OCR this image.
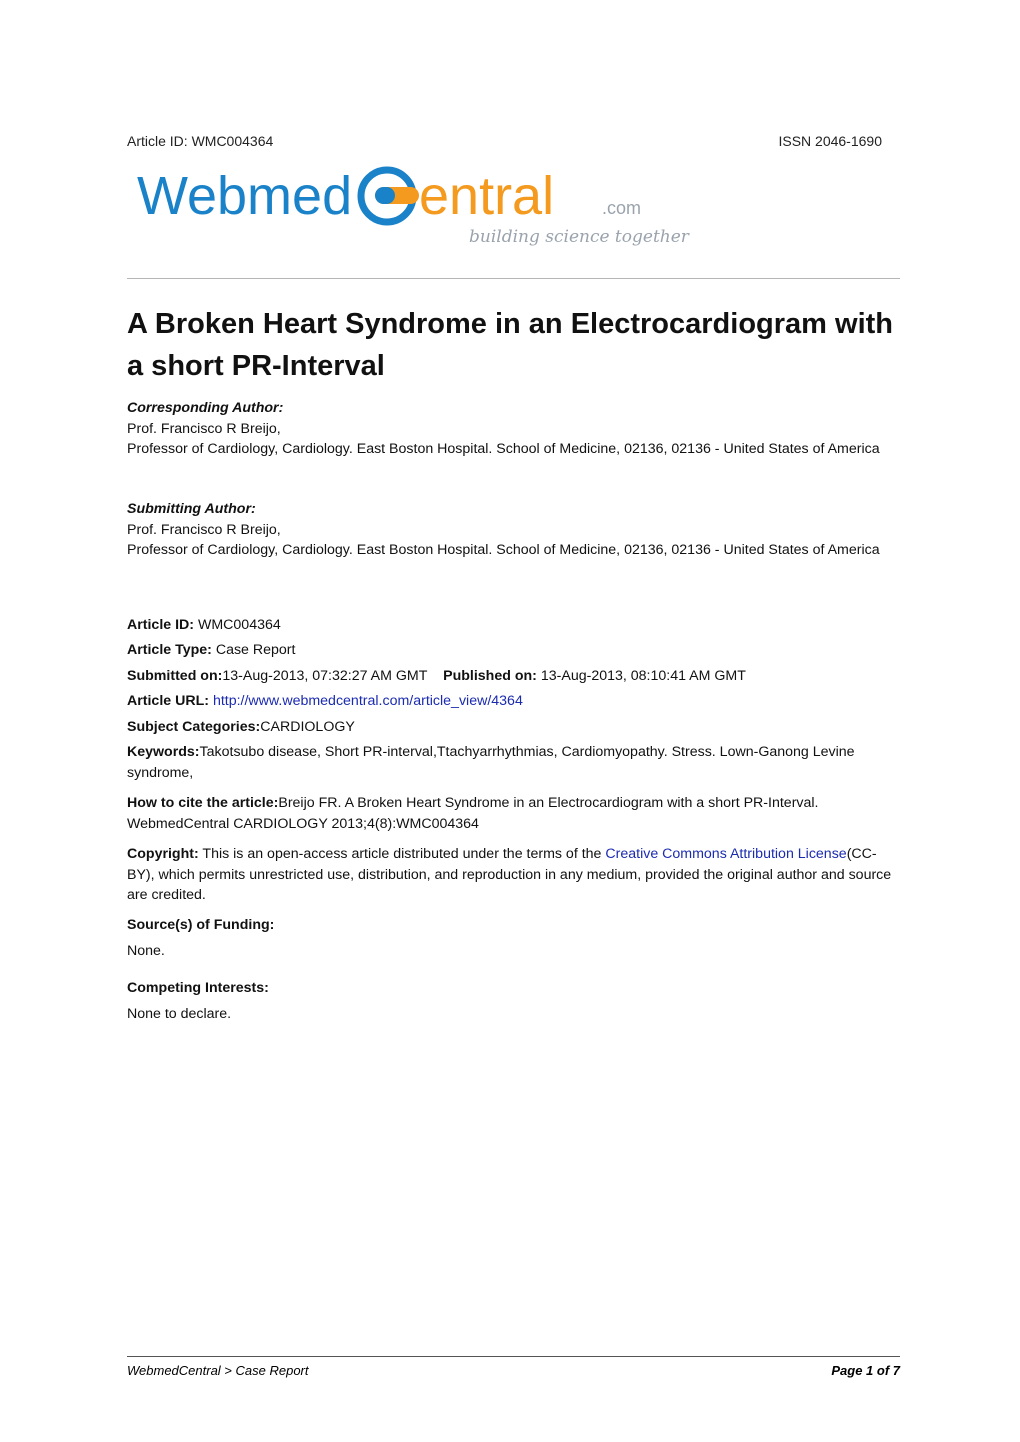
Article ID: WMC004364	ISSN 2046-1690
Webmed entral	.com
building science together
A Broken Heart Syndrome in an Electrocardiogram with a short PR-Interval
Corresponding Author:
Prof. Francisco R Breijo,
Professor of Cardiology, Cardiology. East Boston Hospital. School of Medicine, 02136, 02136 - United States of America
Submitting Author:
Prof. Francisco R Breijo,
Professor of Cardiology, Cardiology. East Boston Hospital. School of Medicine, 02136, 02136 - United States of America
Article ID: WMC004364
Article Type: Case Report
Submitted on:13-Aug-2013, 07:32:27 AM GMT Published on: 13-Aug-2013, 08:10:41 AM GMT
Article URL: http://www.webmedcentral.com/article_view/4364
Subject Categories:CARDIOLOGY
Keywords:Takotsubo disease, Short PR-interval,Ttachyarrhythmias, Cardiomyopathy. Stress. Lown-Ganong Levine syndrome,
How to cite the article:Breijo FR. A Broken Heart Syndrome in an Electrocardiogram with a short PR-Interval. WebmedCentral CARDIOLOGY 2013;4(8):WMC004364
Copyright: This is an open-access article distributed under the terms of the Creative Commons Attribution License(CC-BY), which permits unrestricted use, distribution, and reproduction in any medium, provided the original author and source are credited.
Source(s) of Funding:
None.
Competing Interests:
None to declare.
WebmedCentral > Case Report	Page 1 of 7
